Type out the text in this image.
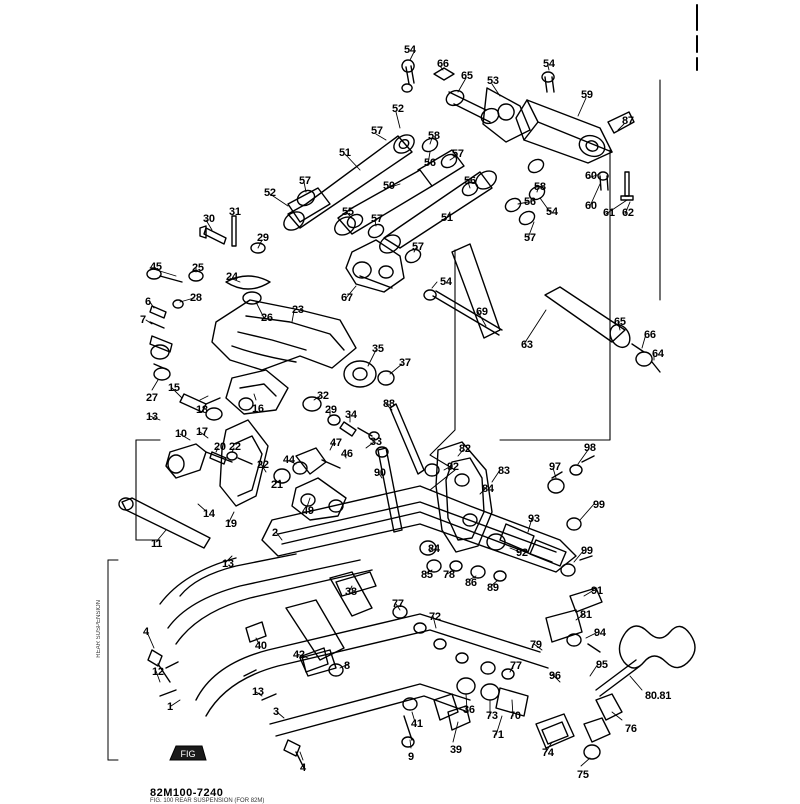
FIG
82M100-7240
FIG. 100 REAR SUSPENSION (FOR 82M)
REAR SUSPENSION
54
66
65 53
54
59
87
52
57	58
57
56
56	58
60
51
50
52
57
55
57	51
56
54 60
61 62
57
57
30
31
29
45	25
24
28
6
26
23
7
67
54
69
63
65
66
64
35
37
27
15
18	16
32
29 34
88
13
17
10
20 22	47
46
33
22 44
21
90	92
82
83
84
97
98
99
93
92	99
49
2
14
19
11
13
84
85 78
86 89	91
38
77
72	81
94
79
95
96
77
40
42
8
4
12
1
13
3	36 73 70
71
74
75
76
80.81
41
9
39
4
